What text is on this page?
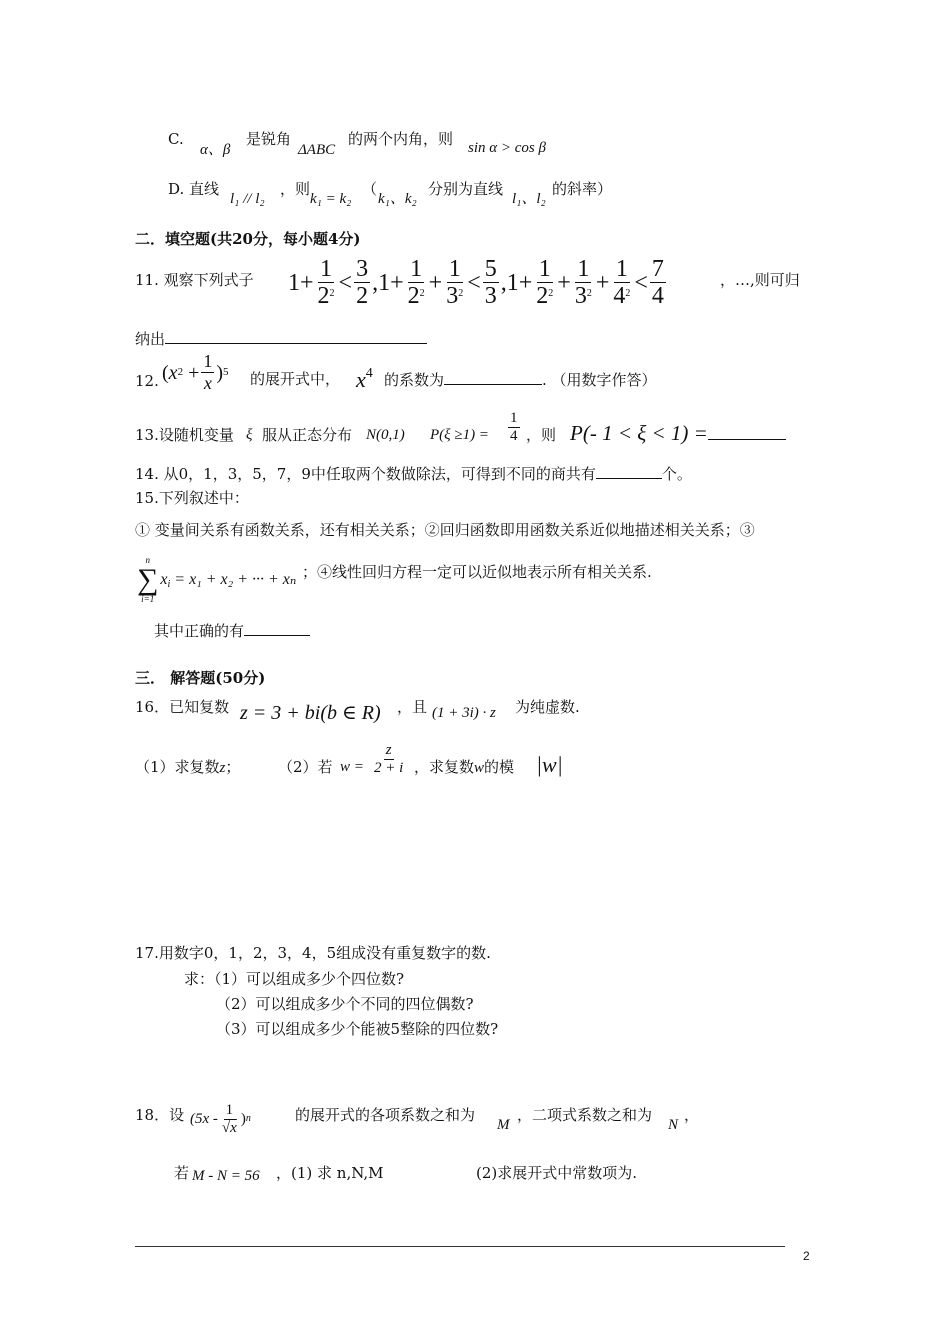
C.
α、β
是锐角
ΔABC
的两个内角，则 sin α > cos β
D. 直线
l₁ // l₂
，则
k₁ = k₂
（
k₁、k₂
分别为直线
l₁、l₂
的斜率）
二．填空题(共20分，每小题4分)
11. 观察下列式子 $1+ \frac{1}{2^2} < \frac{3}{2} ,1+ \frac{1}{2^2} + \frac{1}{3^2} < \frac{5}{3} ,1+ \frac{1}{2^2} + \frac{1}{3^2} + \frac{1}{4^2} < \frac{7}{4}$	，…,则可归
纳出
12. ( x $2 + \frac{1}{x}$ ) 5 的展开式中， $x^4$ 的系数为	. （用数字作答）
13.设随机变量 ξ 服从正态分布 N(0,1) $P(\xi \ge 1) = \frac{1}{4}$ ，则 P(- 1 < ξ < 1) =
14. 从0，1，3，5，7，9中任取两个数做除法，可得到不同的商共有	个。
15.下列叙述中：
① 变量间关系有函数关系，还有相关关系；②回归函数即用函数关系近似地描述相关关系；③
n
∑
i=1
$x_i = x_1 + x_2$ + ··· + xₙ ；④线性回归方程一定可以近似地表示所有相关关系.
其中正确的有
三． 解答题(50分)
16．已知复数 z = 3 + bi(b ∈ R) ，且 (1 + 3i) · z 为纯虚数.
（1）求复数z；	（2）若 $w = \frac{z}{2 + i}$ ，求复数w的模 |w|
17.用数字0，1，2，3，4，5组成没有重复数字的数.
求：（1）可以组成多少个四位数?
（2）可以组成多少个不同的四位偶数?
（3）可以组成多少个能被5整除的四位数?
18．设 ($5x - \frac{1}{√x}$ ) n	的展开式的各项系数之和为
M
，二项式系数之和为
N
，
若 M - N = 56 ，(1) 求 n,N,M	(2)求展开式中常数项为.
2
